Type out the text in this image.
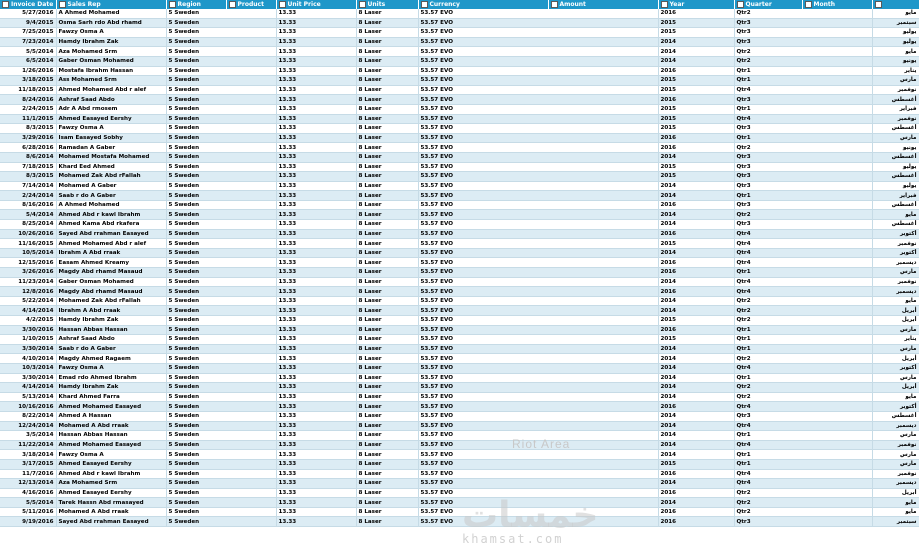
Invoice Date	Sales Rep	Region	Product	Unit Price	Units	Currency	Amount	Year	Quarter	Month	
5/27/2016	A Ahmed Mohamed	5 Sweden		13.33	8 Laser	53.57 EVO		2016	Qtr2		مايو
9/4/2015	Osma Sarh rdo Abd rhamd	5 Sweden		13.33	8 Laser	53.57 EVO		2015	Qtr3		سبتمبر
7/25/2015	Fawzy Osma A	5 Sweden		13.33	8 Laser	53.57 EVO		2015	Qtr3		يوليو
7/23/2014	Hamdy Ibrahm Zak	5 Sweden		13.33	8 Laser	53.57 EVO		2014	Qtr3		يوليو
5/5/2014	Aza Mohamed Srm	5 Sweden		13.33	8 Laser	53.57 EVO		2014	Qtr2		مايو
6/5/2014	Gaber Osman Mohamed	5 Sweden		13.33	8 Laser	53.57 EVO		2014	Qtr2		يونيو
1/26/2016	Mostafa Ibrahm Hassan	5 Sweden		13.33	8 Laser	53.57 EVO		2016	Qtr1		يناير
3/18/2015	Ass Mohamed Srm	5 Sweden		13.33	8 Laser	53.57 EVO		2015	Qtr1		مارس
11/18/2015	Ahmed Mohamed Abd r alef	5 Sweden		13.33	8 Laser	53.57 EVO		2015	Qtr4		نوفمبر
8/24/2016	Ashraf Saad Abdo	5 Sweden		13.33	8 Laser	53.57 EVO		2016	Qtr3		أغسطس
2/24/2015	Adr A Abd rmosem	5 Sweden		13.33	8 Laser	53.57 EVO		2015	Qtr1		فبراير
11/1/2015	Ahmed Easayed Eershy	5 Sweden		13.33	8 Laser	53.57 EVO		2015	Qtr4		نوفمبر
8/3/2015	Fawzy Osma A	5 Sweden		13.33	8 Laser	53.57 EVO		2015	Qtr3		أغسطس
3/29/2016	Isam Easayed Sobhy	5 Sweden		13.33	8 Laser	53.57 EVO		2016	Qtr1		مارس
6/28/2016	Ramadan A Gaber	5 Sweden		13.33	8 Laser	53.57 EVO		2016	Qtr2		يونيو
8/6/2014	Mohamed Mostafa Mohamed	5 Sweden		13.33	8 Laser	53.57 EVO		2014	Qtr3		أغسطس
7/18/2015	Khard Eed Ahmed	5 Sweden		13.33	8 Laser	53.57 EVO		2015	Qtr3		يوليو
8/3/2015	Mohamed Zak Abd rFallah	5 Sweden		13.33	8 Laser	53.57 EVO		2015	Qtr3		أغسطس
7/14/2014	Mohamed A Gaber	5 Sweden		13.33	8 Laser	53.57 EVO		2014	Qtr3		يوليو
2/24/2014	Saab r do A Gaber	5 Sweden		13.33	8 Laser	53.57 EVO		2014	Qtr1		فبراير
8/16/2016	A Ahmed Mohamed	5 Sweden		13.33	8 Laser	53.57 EVO		2016	Qtr3		أغسطس
5/4/2014	Ahmed Abd r kawl Ibrahm	5 Sweden		13.33	8 Laser	53.57 EVO		2014	Qtr2		مايو
8/25/2014	Ahmed Kama Abd rkafera	5 Sweden		13.33	8 Laser	53.57 EVO		2014	Qtr3		أغسطس
10/26/2016	Sayed Abd rrahman Easayed	5 Sweden		13.33	8 Laser	53.57 EVO		2016	Qtr4		أكتوبر
11/16/2015	Ahmed Mohamed Abd r alef	5 Sweden		13.33	8 Laser	53.57 EVO		2015	Qtr4		نوفمبر
10/5/2014	Ibrahm A Abd rraak	5 Sweden		13.33	8 Laser	53.57 EVO		2014	Qtr4		أكتوبر
12/15/2016	Easam Ahmed Kreamy	5 Sweden		13.33	8 Laser	53.57 EVO		2016	Qtr4		ديسمبر
3/26/2016	Magdy Abd rhamd Masaud	5 Sweden		13.33	8 Laser	53.57 EVO		2016	Qtr1		مارس
11/23/2014	Gaber Osman Mohamed	5 Sweden		13.33	8 Laser	53.57 EVO		2014	Qtr4		نوفمبر
12/8/2016	Magdy Abd rhamd Masaud	5 Sweden		13.33	8 Laser	53.57 EVO		2016	Qtr4		ديسمبر
5/22/2014	Mohamed Zak Abd rFallah	5 Sweden		13.33	8 Laser	53.57 EVO		2014	Qtr2		مايو
4/14/2014	Ibrahm A Abd rraak	5 Sweden		13.33	8 Laser	53.57 EVO		2014	Qtr2		أبريل
4/2/2015	Hamdy Ibrahm Zak	5 Sweden		13.33	8 Laser	53.57 EVO		2015	Qtr2		أبريل
3/30/2016	Hassan Abbas Hassan	5 Sweden		13.33	8 Laser	53.57 EVO		2016	Qtr1		مارس
1/10/2015	Ashraf Saad Abdo	5 Sweden		13.33	8 Laser	53.57 EVO		2015	Qtr1		يناير
3/30/2014	Saab r do A Gaber	5 Sweden		13.33	8 Laser	53.57 EVO		2014	Qtr1		مارس
4/10/2014	Magdy Ahmed Ragaem	5 Sweden		13.33	8 Laser	53.57 EVO		2014	Qtr2		أبريل
10/3/2014	Fawzy Osma A	5 Sweden		13.33	8 Laser	53.57 EVO		2014	Qtr4		أكتوبر
3/30/2014	Emad rdo Ahmed Ibrahm	5 Sweden		13.33	8 Laser	53.57 EVO		2014	Qtr1		مارس
4/14/2014	Hamdy Ibrahm Zak	5 Sweden		13.33	8 Laser	53.57 EVO		2014	Qtr2		أبريل
5/13/2014	Khard Ahmed Farra	5 Sweden		13.33	8 Laser	53.57 EVO		2014	Qtr2		مايو
10/16/2016	Ahmed Mohamed Easayed	5 Sweden		13.33	8 Laser	53.57 EVO		2016	Qtr4		أكتوبر
8/22/2014	Ahmed A Hassan	5 Sweden		13.33	8 Laser	53.57 EVO		2014	Qtr3		أغسطس
12/24/2014	Mohamed A Abd rraak	5 Sweden		13.33	8 Laser	53.57 EVO		2014	Qtr4		ديسمبر
3/5/2014	Hassan Abbas Hassan	5 Sweden		13.33	8 Laser	53.57 EVO		2014	Qtr1		مارس
11/22/2014	Ahmed Mohamed Easayed	5 Sweden		13.33	8 Laser	53.57 EVO		2014	Qtr4		نوفمبر
3/18/2014	Fawzy Osma A	5 Sweden		13.33	8 Laser	53.57 EVO		2014	Qtr1		مارس
3/17/2015	Ahmed Easayed Eershy	5 Sweden		13.33	8 Laser	53.57 EVO		2015	Qtr1		مارس
11/7/2016	Ahmed Abd r kawl Ibrahm	5 Sweden		13.33	8 Laser	53.57 EVO		2016	Qtr4		نوفمبر
12/13/2014	Aza Mohamed Srm	5 Sweden		13.33	8 Laser	53.57 EVO		2014	Qtr4		ديسمبر
4/16/2016	Ahmed Easayed Eershy	5 Sweden		13.33	8 Laser	53.57 EVO		2016	Qtr2		أبريل
5/5/2014	Tarek Hassn Abd rmasayed	5 Sweden		13.33	8 Laser	53.57 EVO		2014	Qtr2		مايو
5/11/2016	Mohamed A Abd rraak	5 Sweden		13.33	8 Laser	53.57 EVO		2016	Qtr2		مايو
9/19/2016	Sayed Abd rrahman Easayed	5 Sweden		13.33	8 Laser	53.57 EVO		2016	Qtr3		سبتمبر
Riot Area
خمسات
khamsat.com
